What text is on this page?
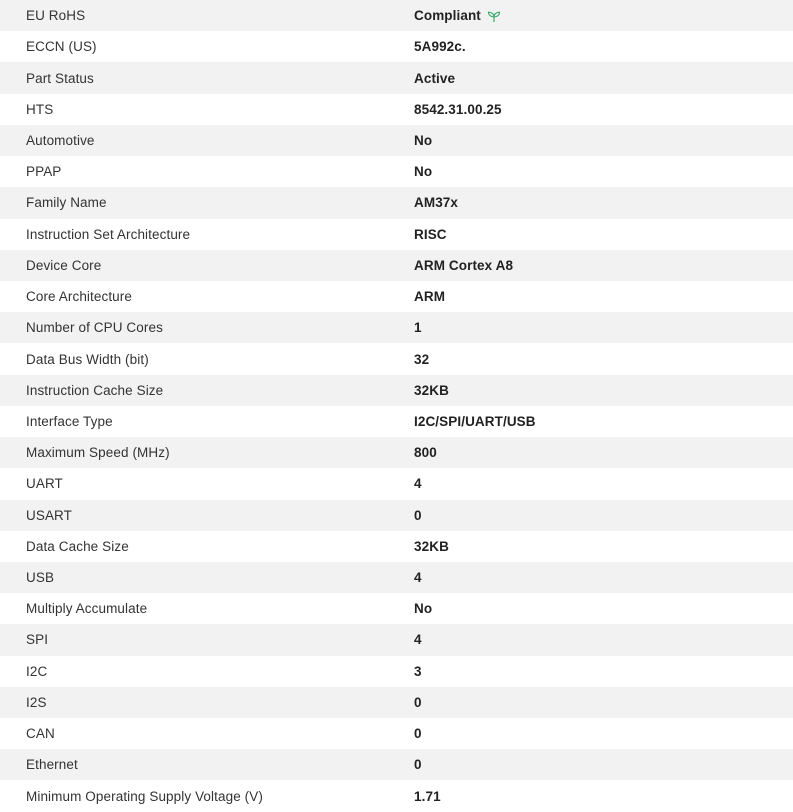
EU RoHS	Compliant
ECCN (US)	5A992c.
Part Status	Active
HTS	8542.31.00.25
Automotive	No
PPAP	No
Family Name	AM37x
Instruction Set Architecture	RISC
Device Core	ARM Cortex A8
Core Architecture	ARM
Number of CPU Cores	1
Data Bus Width (bit)	32
Instruction Cache Size	32KB
Interface Type	I2C/SPI/UART/USB
Maximum Speed (MHz)	800
UART	4
USART	0
Data Cache Size	32KB
USB	4
Multiply Accumulate	No
SPI	4
I2C	3
I2S	0
CAN	0
Ethernet	0
Minimum Operating Supply Voltage (V)	1.71
